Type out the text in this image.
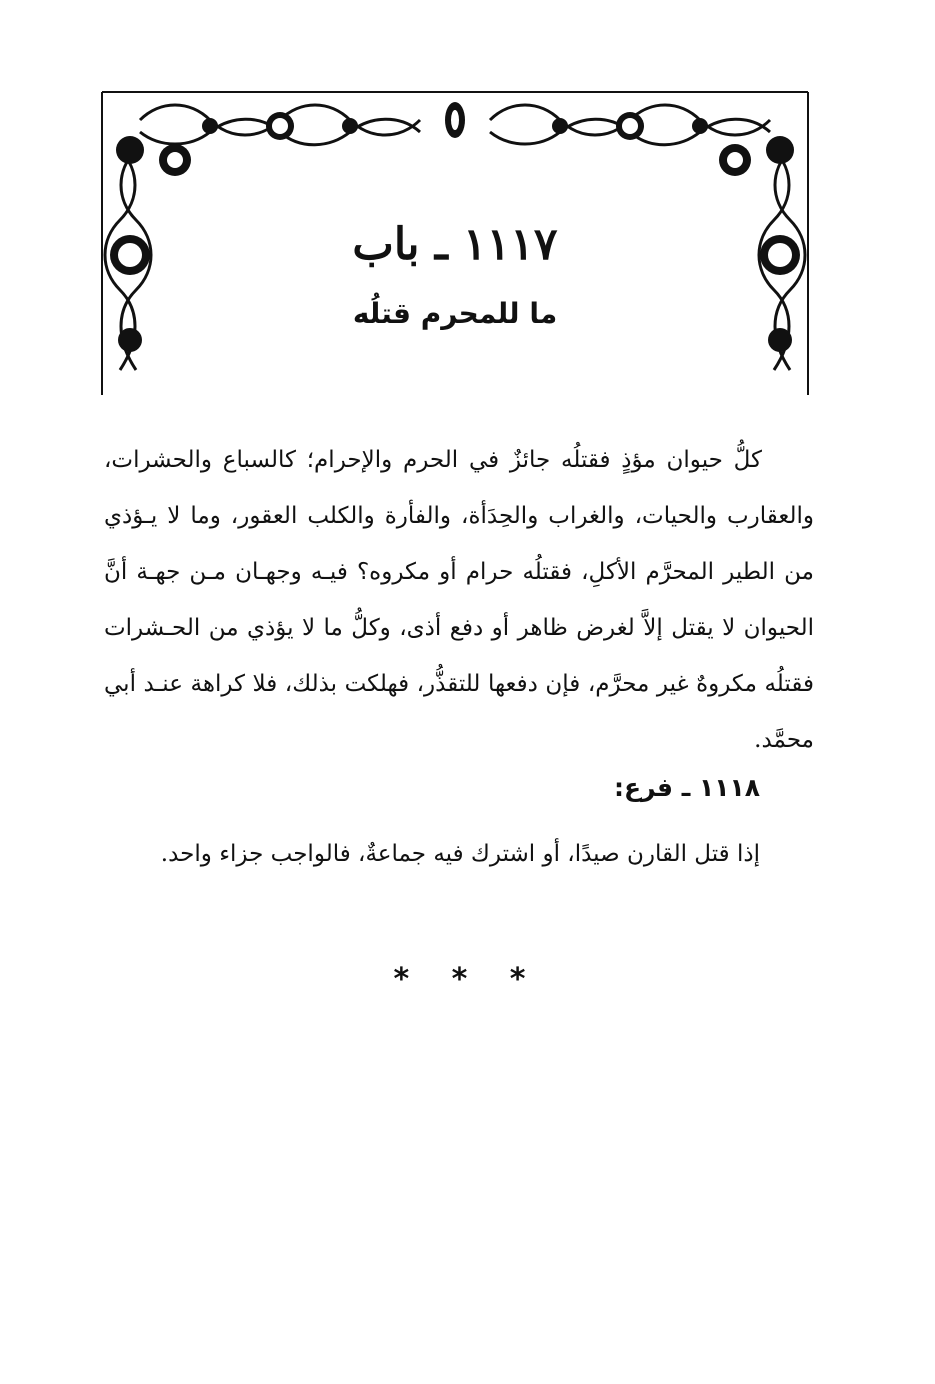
١١١٧ ـ باب
ما للمحرم قتلُه
كلُّ حيوان مؤذٍ فقتلُه جائزٌ في الحرم والإحرام؛ كالسباع والحشرات، والعقارب والحيات، والغراب والحِدَأة، والفأرة والكلب العقور، وما لا يـؤذي من الطير المحرَّم الأكلِ، فقتلُه حرام أو مكروه؟ فيـه وجهـان مـن جهـة أنَّ الحيوان لا يقتل إلاَّ لغرض ظاهر أو دفع أذى، وكلُّ ما لا يؤذي من الحـشرات فقتلُه مكروهٌ غير محرَّم، فإن دفعها للتقذُّر، فهلكت بذلك، فلا كراهة عنـد أبي محمَّد.
١١١٨ ـ فرع:
إذا قتل القارن صيدًا، أو اشترك فيه جماعةٌ، فالواجب جزاء واحد.
* * *
